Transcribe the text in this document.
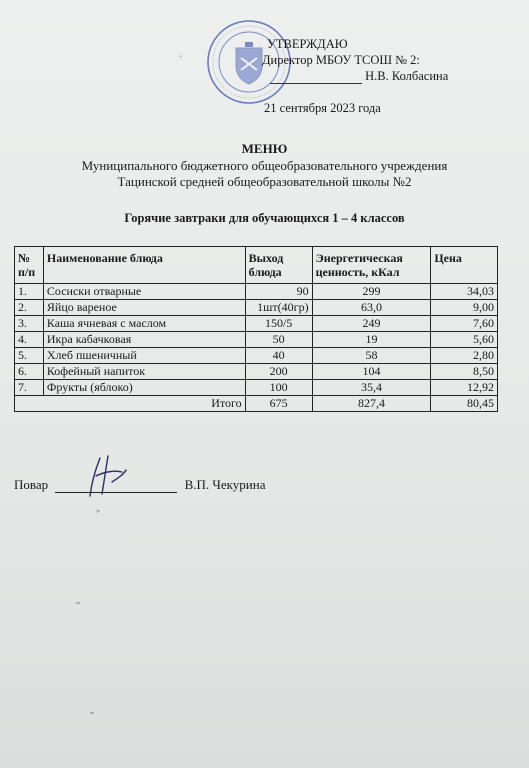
УТВЕРЖДАЮ
Директор МБОУ ТСОШ № 2:
Н.В. Колбасина
21 сентября 2023 года
МЕНЮ
Муниципального бюджетного общеобразовательного учреждения
Тацинской средней общеобразовательной школы №2
Горячие завтраки для обучающихся 1 – 4 классов
№ п/п	Наименование блюда	Выход блюда	Энергетическая ценность, кКал	Цена
1.	Сосиски отварные	90	299	34,03
2.	Яйцо вареное	1шт(40гр)	63,0	9,00
3.	Каша ячневая с маслом	150/5	249	7,60
4.	Икра кабачковая	50	19	5,60
5.	Хлеб пшеничный	40	58	2,80
6.	Кофейный напиток	200	104	8,50
7.	Фрукты (яблоко)	100	35,4	12,92
Итого		675	827,4	80,45
Повар	В.П. Чекурина
'
„
„
„
